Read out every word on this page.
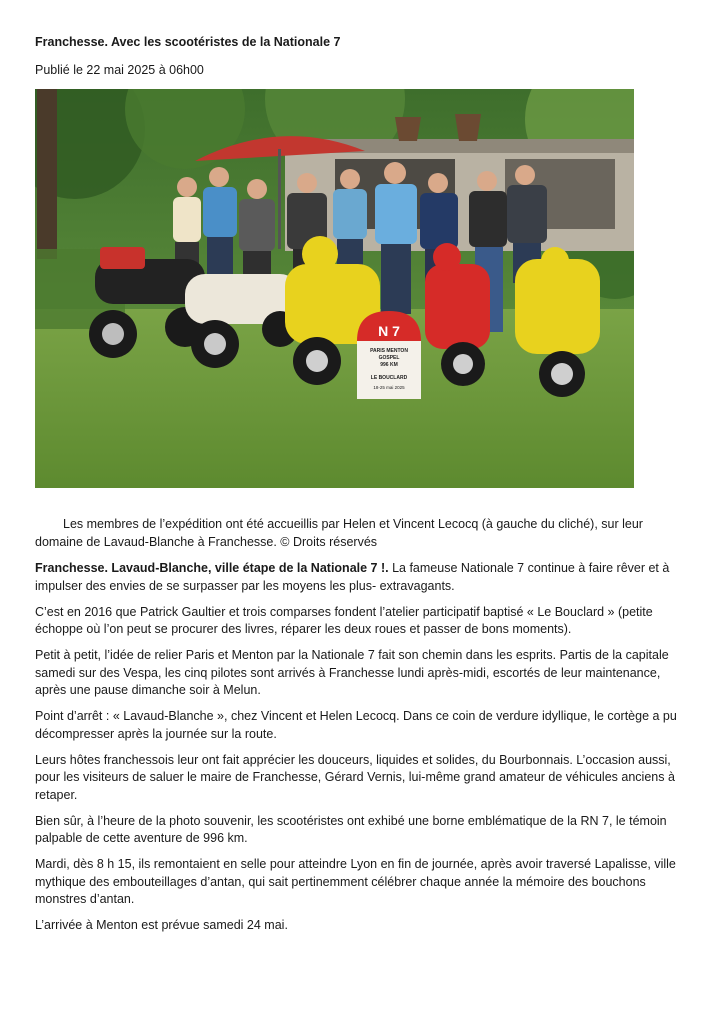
Franchesse. Avec les scootéristes de la Nationale 7
Publié le 22 mai 2025 à 06h00
N 7
PARIS MENTON
GOSPEL
996 KM
LE BOUCLARD
18-25 mai 2025
Les membres de l’expédition ont été accueillis par Helen et Vincent Lecocq (à gauche du cliché), sur leur domaine de Lavaud-Blanche à Franchesse. © Droits réservés

Franchesse. Lavaud-Blanche, ville étape de la Nationale 7 !. La fameuse Nationale 7 continue à faire rêver et à impulser des envies de se surpasser par les moyens les plus- extravagants.

C’est en 2016 que Patrick Gaultier et trois comparses fondent l’atelier participatif baptisé « Le Bouclard » (petite échoppe où l’on peut se procurer des livres, réparer les deux roues et passer de bons moments).

Petit à petit, l’idée de relier Paris et Menton par la Nationale 7 fait son chemin dans les esprits. Partis de la capitale samedi sur des Vespa, les cinq pilotes sont arrivés à Franchesse lundi après-midi, escortés de leur maintenance, après une pause dimanche soir à Melun.

Point d’arrêt : « Lavaud-Blanche », chez Vincent et Helen Lecocq. Dans ce coin de verdure idyllique, le cortège a pu décompresser après la journée sur la route.

Leurs hôtes franchessois leur ont fait apprécier les douceurs, liquides et solides, du Bourbonnais. L’occasion aussi, pour les visiteurs de saluer le maire de Franchesse, Gérard Vernis, lui-même grand amateur de véhicules anciens à retaper.

Bien sûr, à l’heure de la photo souvenir, les scootéristes ont exhibé une borne emblématique de la RN 7, le témoin palpable de cette aventure de 996 km.

Mardi, dès 8 h 15, ils remontaient en selle pour atteindre Lyon en fin de journée, après avoir traversé Lapalisse, ville mythique des embouteillages d’antan, qui sait pertinemment célébrer chaque année la mémoire des bouchons monstres d’antan.

L’arrivée à Menton est prévue samedi 24 mai.
